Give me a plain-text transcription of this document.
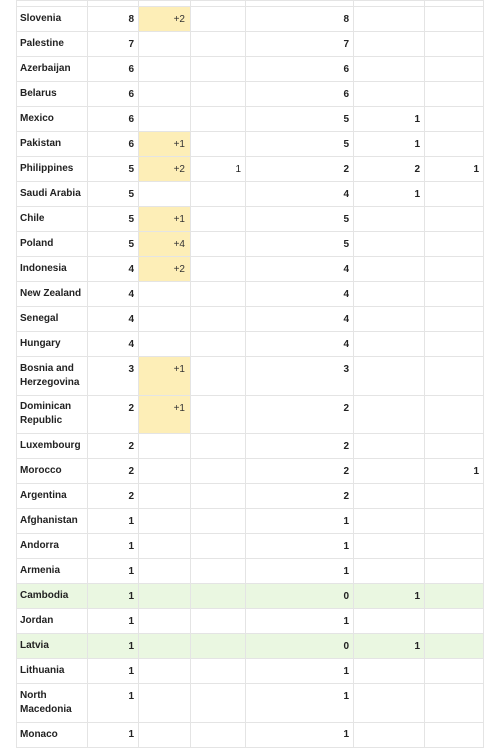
Slovenia	8	+2		8		
Palestine	7			7		
Azerbaijan	6			6		
Belarus	6			6		
Mexico	6			5	1	
Pakistan	6	+1		5	1	
Philippines	5	+2	1	2	2	1
Saudi Arabia	5			4	1	
Chile	5	+1		5		
Poland	5	+4		5		
Indonesia	4	+2		4		
New Zealand	4			4		
Senegal	4			4		
Hungary	4			4		
Bosnia and Herzegovina	3	+1		3		
Dominican Republic	2	+1		2		
Luxembourg	2			2		
Morocco	2			2		1
Argentina	2			2		
Afghanistan	1			1		
Andorra	1			1		
Armenia	1			1		
Cambodia	1			0	1	
Jordan	1			1		
Latvia	1			0	1	
Lithuania	1			1		
North Macedonia	1			1		
Monaco	1			1		
